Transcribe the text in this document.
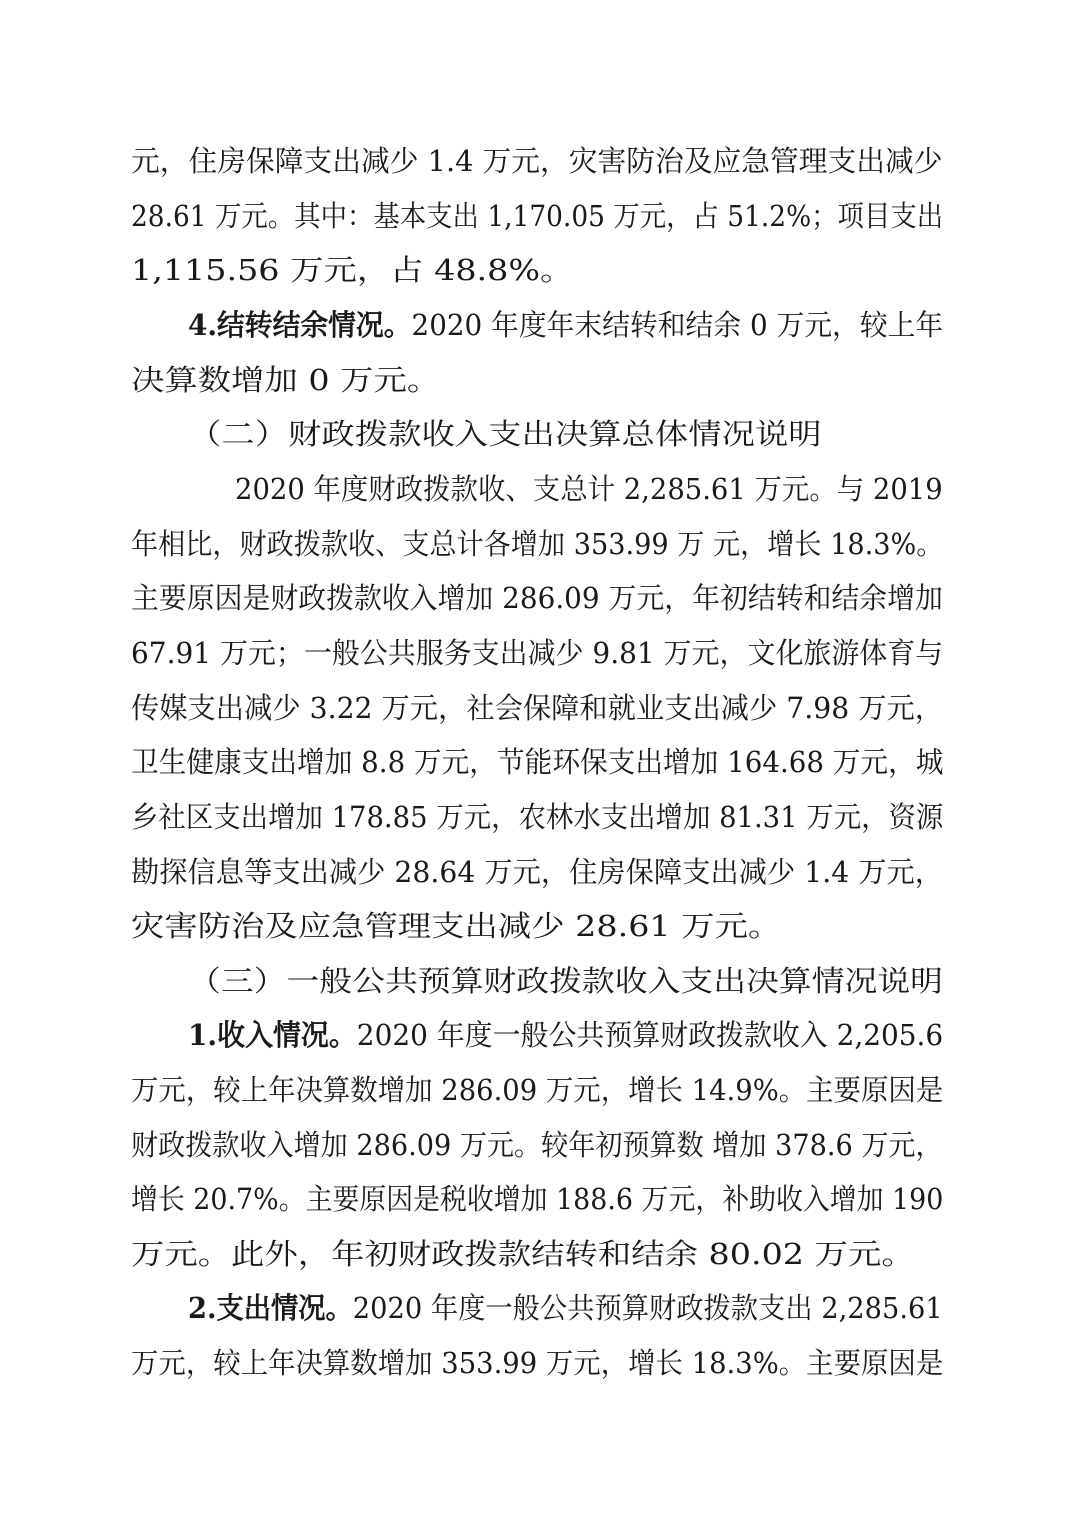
元，住房保障支出减少 1.4 万元，灾害防治及应急管理支出减少
28.61 万元。其中：基本支出 1,170.05 万元，占 51.2%；项目支出
1,115.56 万元，占 48.8%。
4.结转结余情况。2020 年度年末结转和结余 0 万元，较上年
决算数增加 0 万元。
（二）财政拨款收入支出决算总体情况说明
2020 年度财政拨款收、支总计 2,285.61 万元。与 2019
年相比，财政拨款收、支总计各增加 353.99 万 元，增长 18.3%。
主要原因是财政拨款收入增加 286.09 万元，年初结转和结余增加
67.91 万元；一般公共服务支出减少 9.81 万元，文化旅游体育与
传媒支出减少 3.22 万元，社会保障和就业支出减少 7.98 万元，
卫生健康支出增加 8.8 万元，节能环保支出增加 164.68 万元，城
乡社区支出增加 178.85 万元，农林水支出增加 81.31 万元，资源
勘探信息等支出减少 28.64 万元，住房保障支出减少 1.4 万元，
灾害防治及应急管理支出减少 28.61 万元。
（三）一般公共预算财政拨款收入支出决算情况说明
1.收入情况。2020 年度一般公共预算财政拨款收入 2,205.6
万元，较上年决算数增加 286.09 万元，增长 14.9%。主要原因是
财政拨款收入增加 286.09 万元。较年初预算数 增加 378.6 万元，
增长 20.7%。主要原因是税收增加 188.6 万元，补助收入增加 190
万元。此外，年初财政拨款结转和结余 80.02 万元。
2.支出情况。2020 年度一般公共预算财政拨款支出 2,285.61
万元，较上年决算数增加 353.99 万元，增长 18.3%。主要原因是
